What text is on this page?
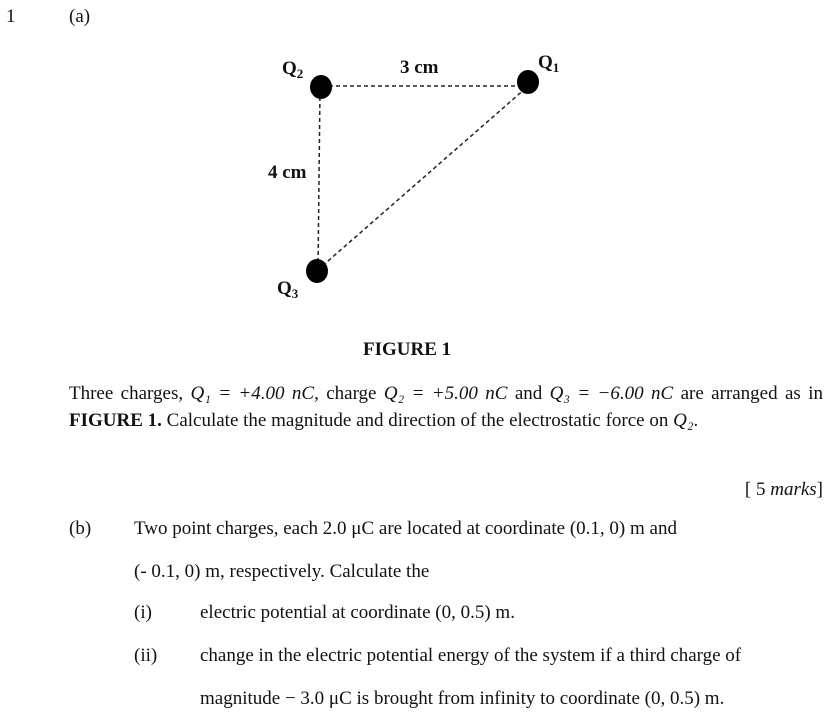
1	(a)
$Q_2$
$Q_1$
$Q_3$
3 cm
4 cm
FIGURE 1
Three charges, Q₁ = +4.00 nC, charge Q₂ = +5.00 nC and Q₃ = −6.00 nC are arranged as in FIGURE 1. Calculate the magnitude and direction of the electrostatic force on Q₂.
[ 5 marks]
(b) Two point charges, each 2.0 μC are located at coordinate (0.1, 0) m and
(- 0.1, 0) m, respectively. Calculate the
(i)	electric potential at coordinate (0, 0.5) m.
(ii) change in the electric potential energy of the system if a third charge of
magnitude − 3.0 μC is brought from infinity to coordinate (0, 0.5) m.
